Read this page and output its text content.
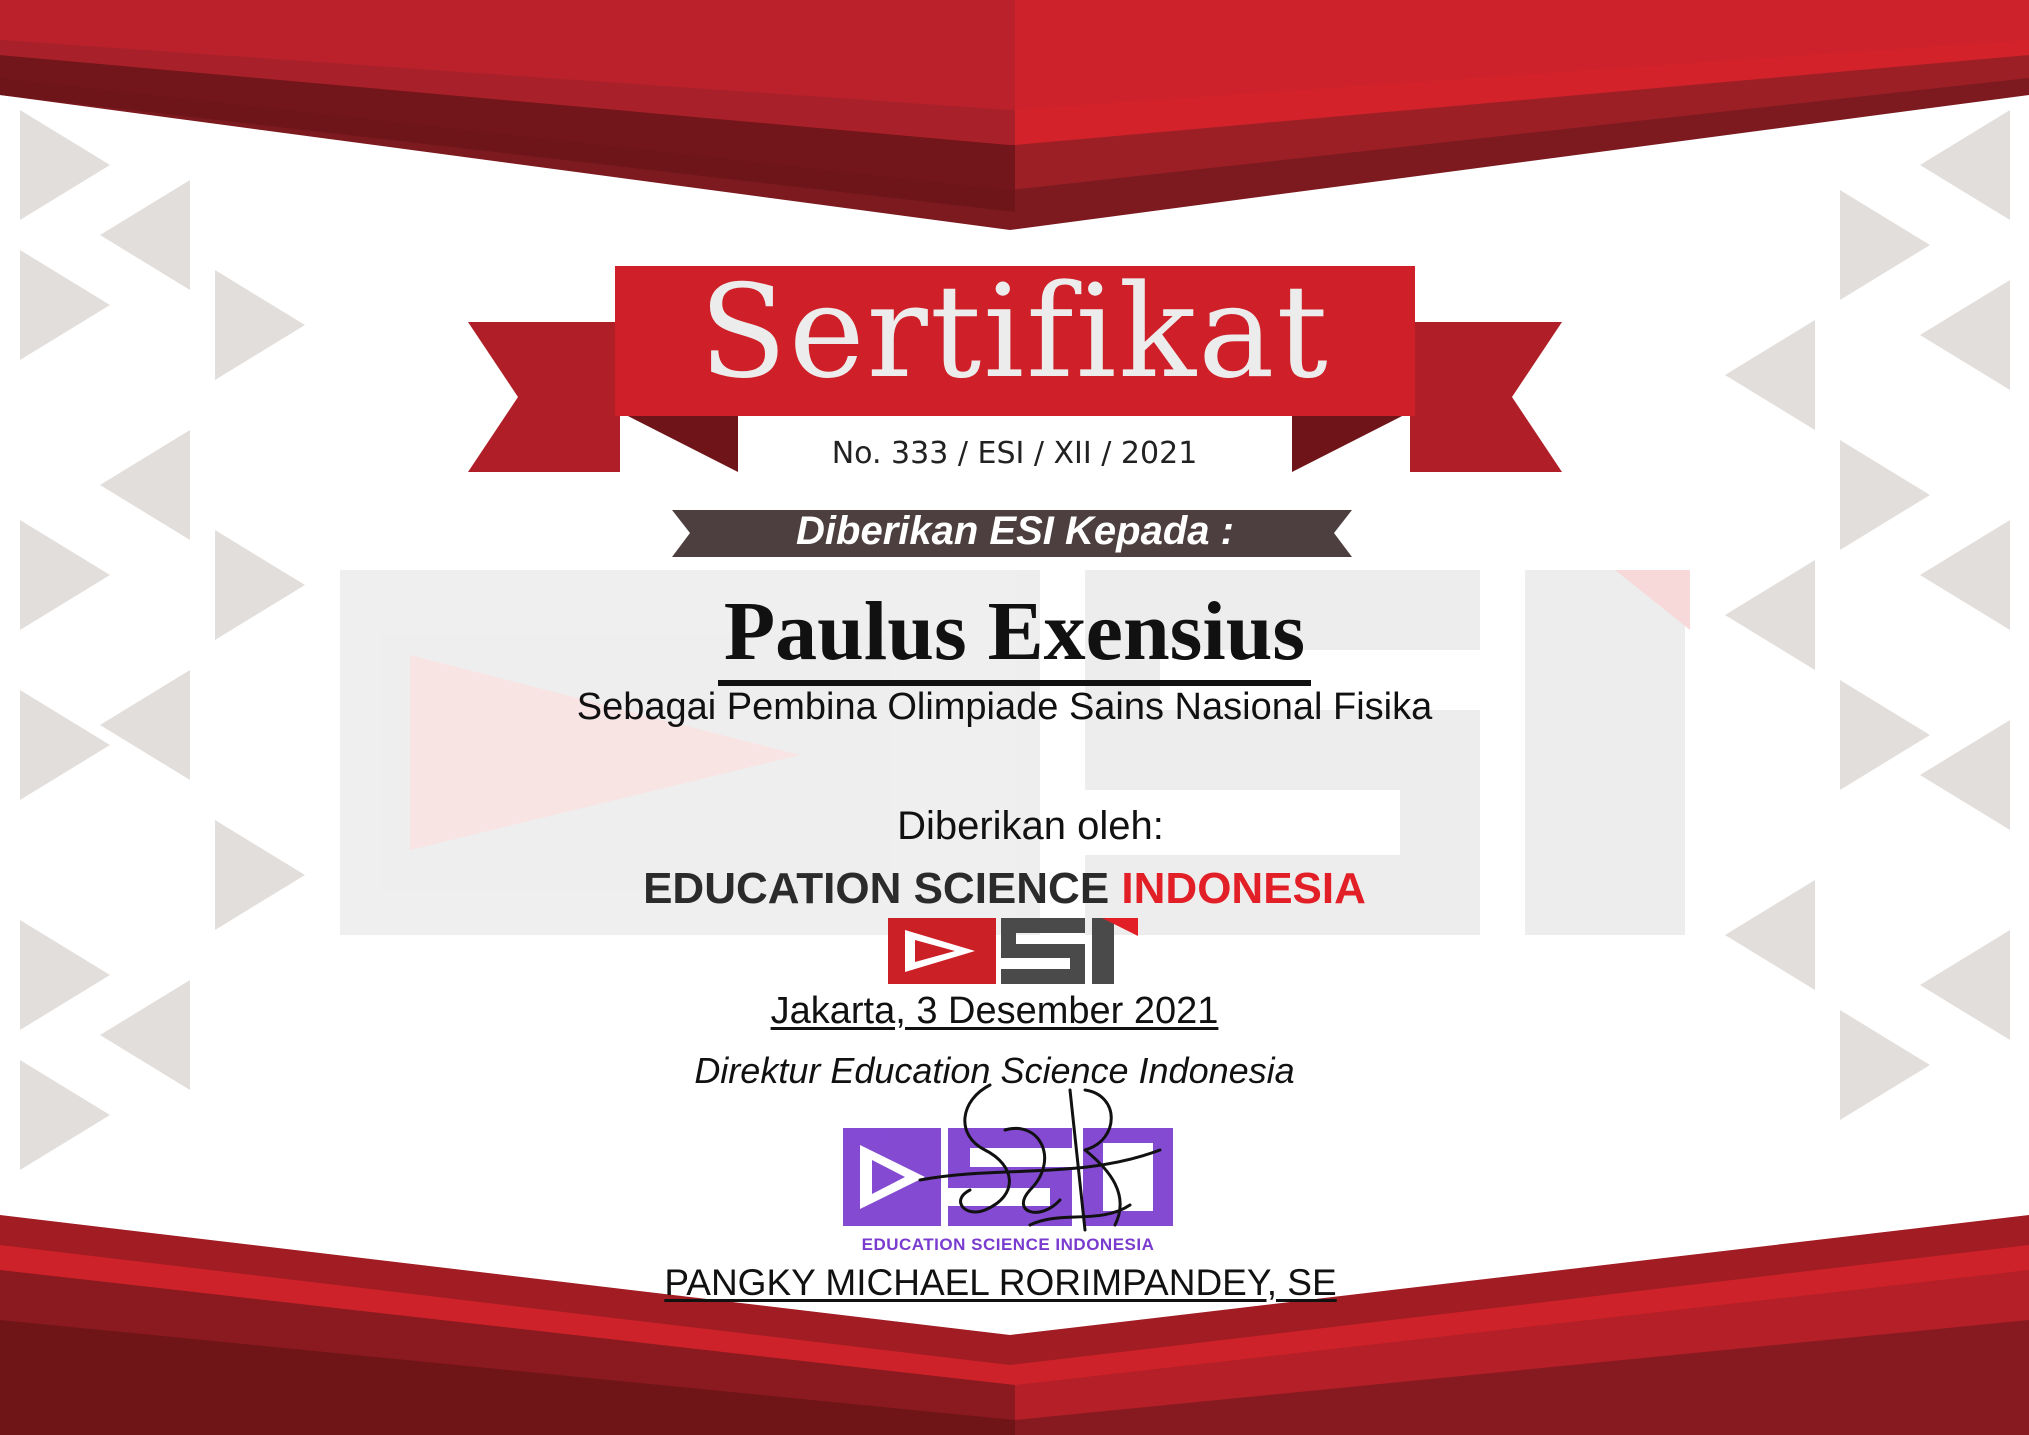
Sertifikat
No. 333 / ESI / XII / 2021
Diberikan ESI Kepada :
Paulus Exensius
Sebagai Pembina Olimpiade Sains Nasional Fisika
Diberikan oleh:
EDUCATION SCIENCE INDONESIA
Jakarta, 3 Desember 2021
Direktur Education Science Indonesia
EDUCATION SCIENCE INDONESIA
PANGKY MICHAEL RORIMPANDEY, SE
